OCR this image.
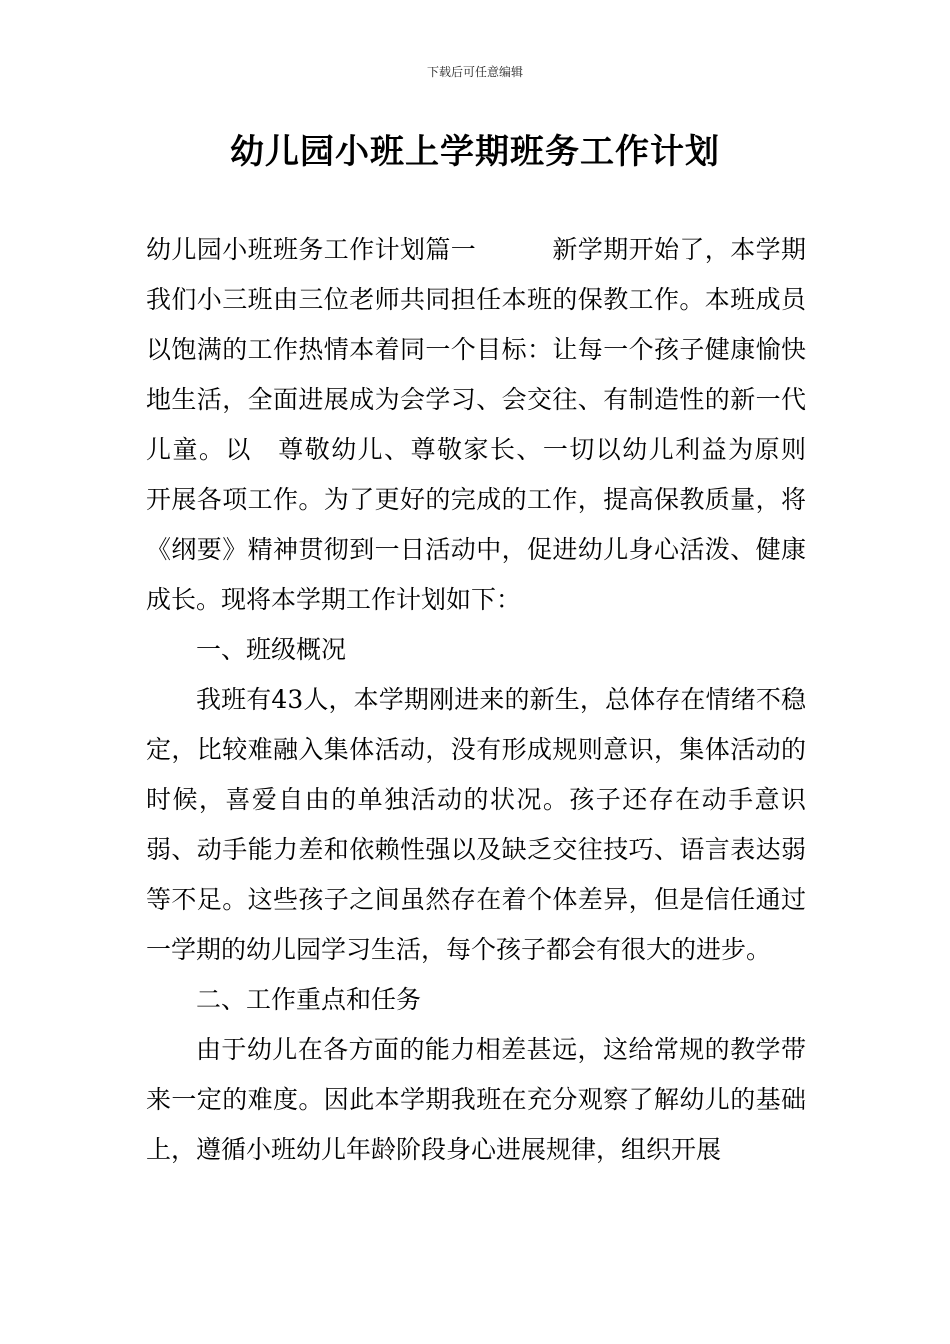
下载后可任意编辑
幼儿园小班上学期班务工作计划

幼儿园小班班务工作计划篇一　　　新学期开始了，本学期我们小三班由三位老师共同担任本班的保教工作。本班成员以饱满的工作热情本着同一个目标：让每一个孩子健康愉快地生活，全面进展成为会学习、会交往、有制造性的新一代儿童。以　尊敬幼儿、尊敬家长、一切以幼儿利益为原则　开展各项工作。为了更好的完成的工作，提高保教质量，将《纲要》精神贯彻到一日活动中，促进幼儿身心活泼、健康成长。现将本学期工作计划如下：

一、班级概况

我班有43人，本学期刚进来的新生，总体存在情绪不稳定，比较难融入集体活动，没有形成规则意识，集体活动的时候，喜爱自由的单独活动的状况。孩子还存在动手意识弱、动手能力差和依赖性强以及缺乏交往技巧、语言表达弱等不足。这些孩子之间虽然存在着个体差异，但是信任通过一学期的幼儿园学习生活，每个孩子都会有很大的进步。

二、工作重点和任务

由于幼儿在各方面的能力相差甚远，这给常规的教学带来一定的难度。因此本学期我班在充分观察了解幼儿的基础上，遵循小班幼儿年龄阶段身心进展规律，组织开展
